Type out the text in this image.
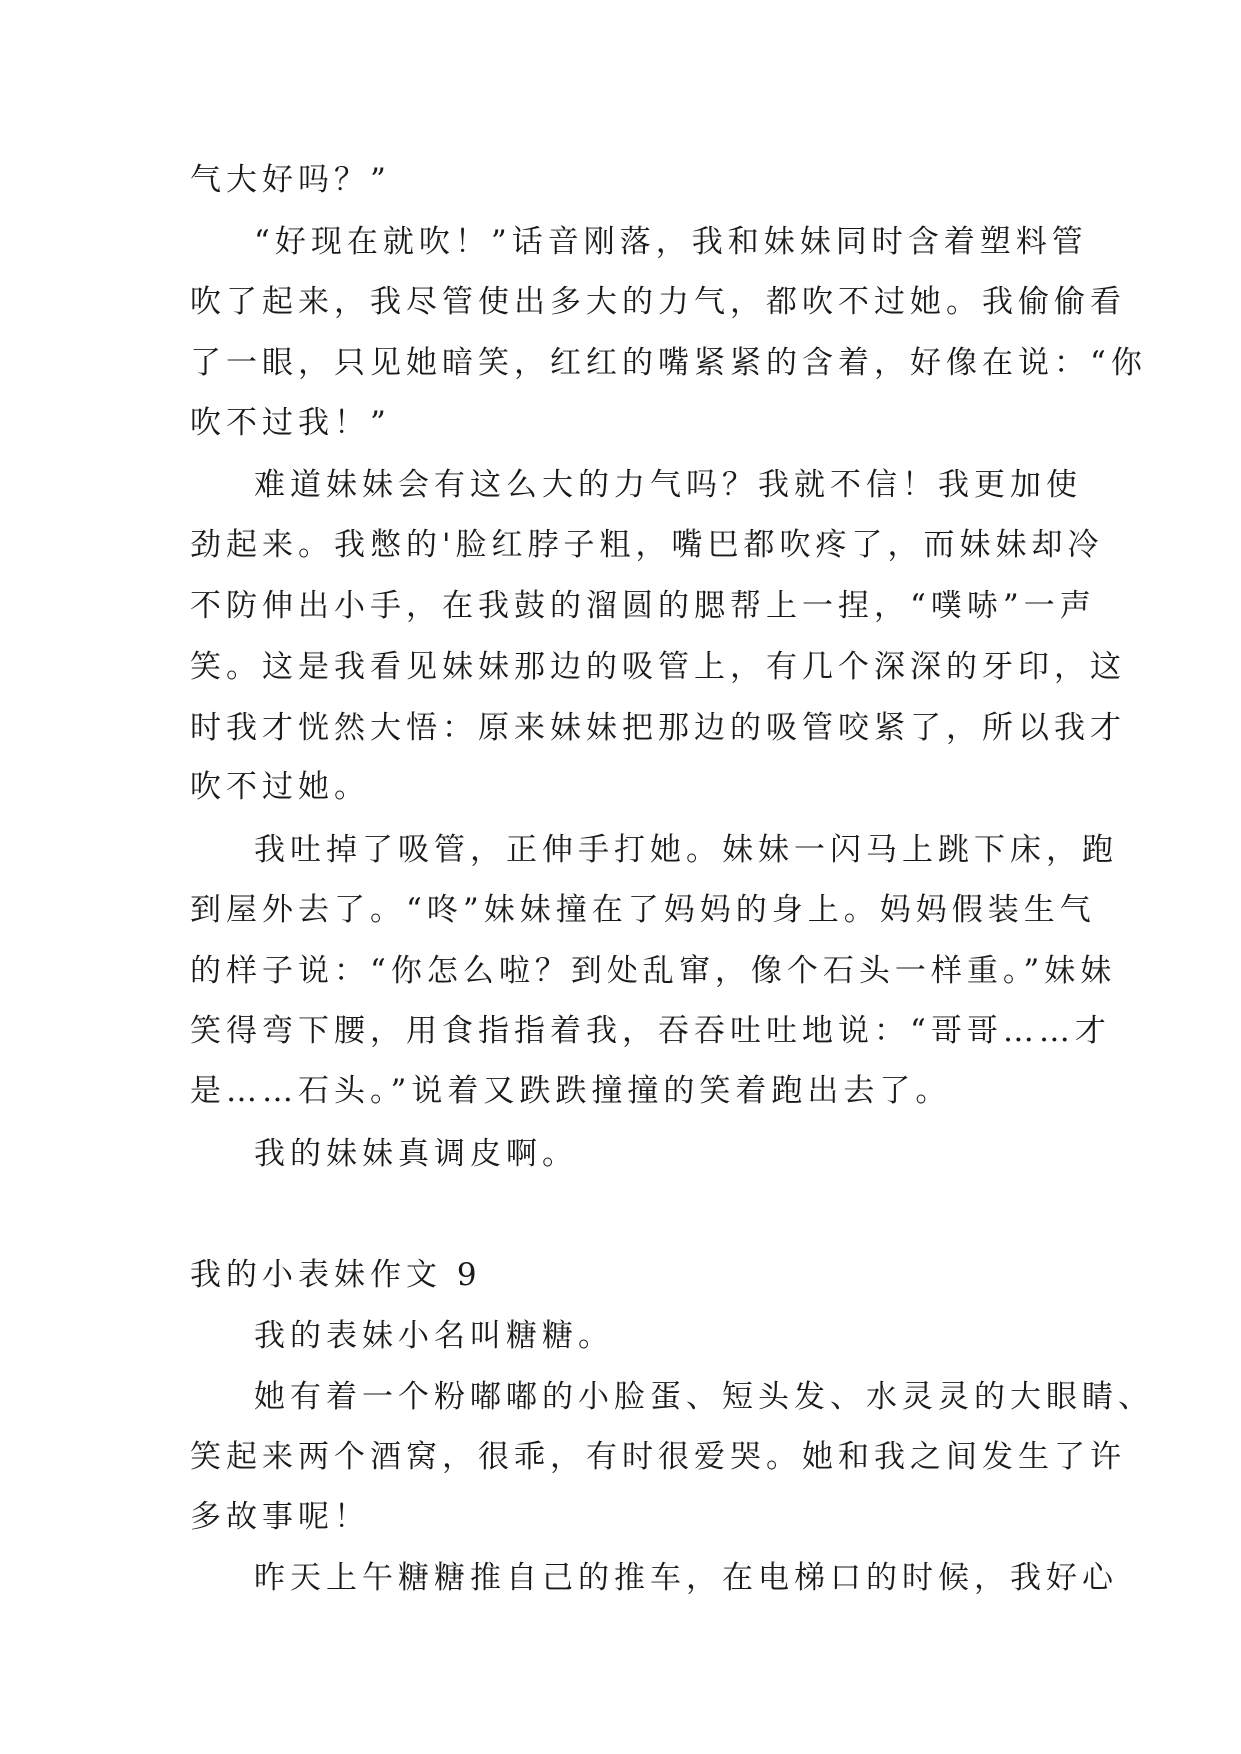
气大好吗？”
“好现在就吹！”话音刚落，我和妹妹同时含着塑料管
吹了起来，我尽管使出多大的力气，都吹不过她。我偷偷看
了一眼，只见她暗笑，红红的嘴紧紧的含着，好像在说：“你
吹不过我！”
难道妹妹会有这么大的力气吗？我就不信！我更加使
劲起来。我憋的'脸红脖子粗，嘴巴都吹疼了，而妹妹却冷
不防伸出小手，在我鼓的溜圆的腮帮上一捏，“噗哧”一声
笑。这是我看见妹妹那边的吸管上，有几个深深的牙印，这
时我才恍然大悟：原来妹妹把那边的吸管咬紧了，所以我才
吹不过她。
我吐掉了吸管，正伸手打她。妹妹一闪马上跳下床，跑
到屋外去了。“咚”妹妹撞在了妈妈的身上。妈妈假装生气
的样子说：“你怎么啦？到处乱窜，像个石头一样重。”妹妹
笑得弯下腰，用食指指着我，吞吞吐吐地说：“哥哥……才
是……石头。”说着又跌跌撞撞的笑着跑出去了。
我的妹妹真调皮啊。
我的小表妹作文 9
我的表妹小名叫糖糖。
她有着一个粉嘟嘟的小脸蛋、短头发、水灵灵的大眼睛、
笑起来两个酒窝，很乖，有时很爱哭。她和我之间发生了许
多故事呢！
昨天上午糖糖推自己的推车，在电梯口的时候，我好心
